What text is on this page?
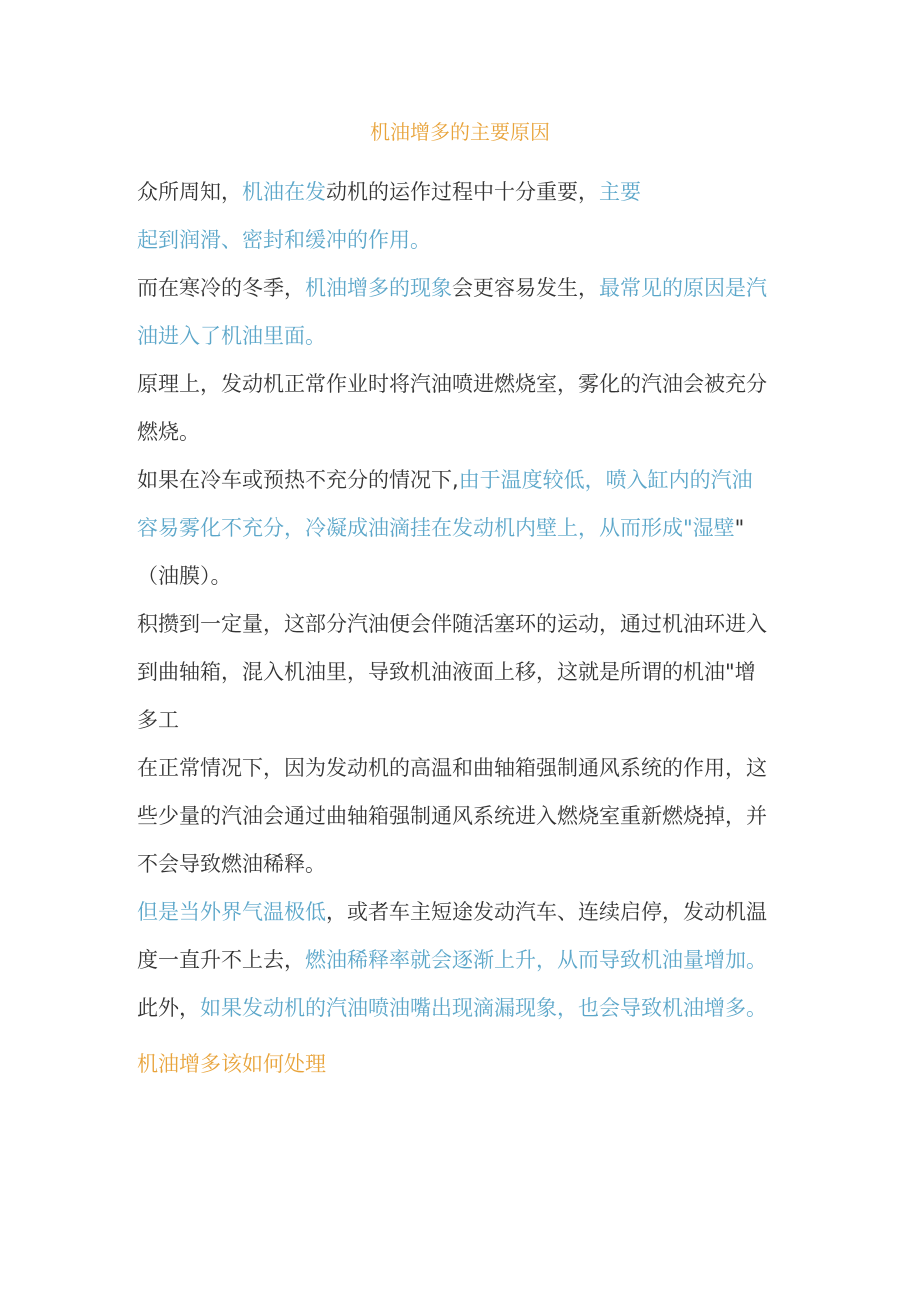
机油增多的主要原因
众所周知，机油在发动机的运作过程中十分重要，主要
起到润滑、密封和缓冲的作用。
而在寒冷的冬季，机油增多的现象会更容易发生，最常见的原因是汽
油进入了机油里面。
原理上，发动机正常作业时将汽油喷进燃烧室，雾化的汽油会被充分
燃烧。
如果在冷车或预热不充分的情况下,由于温度较低，喷入缸内的汽油
容易雾化不充分，冷凝成油滴挂在发动机内壁上，从而形成"湿壁"
（油膜）。
积攒到一定量，这部分汽油便会伴随活塞环的运动，通过机油环进入
到曲轴箱，混入机油里，导致机油液面上移，这就是所谓的机油"增
多工
在正常情况下，因为发动机的高温和曲轴箱强制通风系统的作用，这
些少量的汽油会通过曲轴箱强制通风系统进入燃烧室重新燃烧掉，并
不会导致燃油稀释。
但是当外界气温极低，或者车主短途发动汽车、连续启停，发动机温
度一直升不上去，燃油稀释率就会逐渐上升，从而导致机油量增加。
此外，如果发动机的汽油喷油嘴出现滴漏现象，也会导致机油增多。
机油增多该如何处理
